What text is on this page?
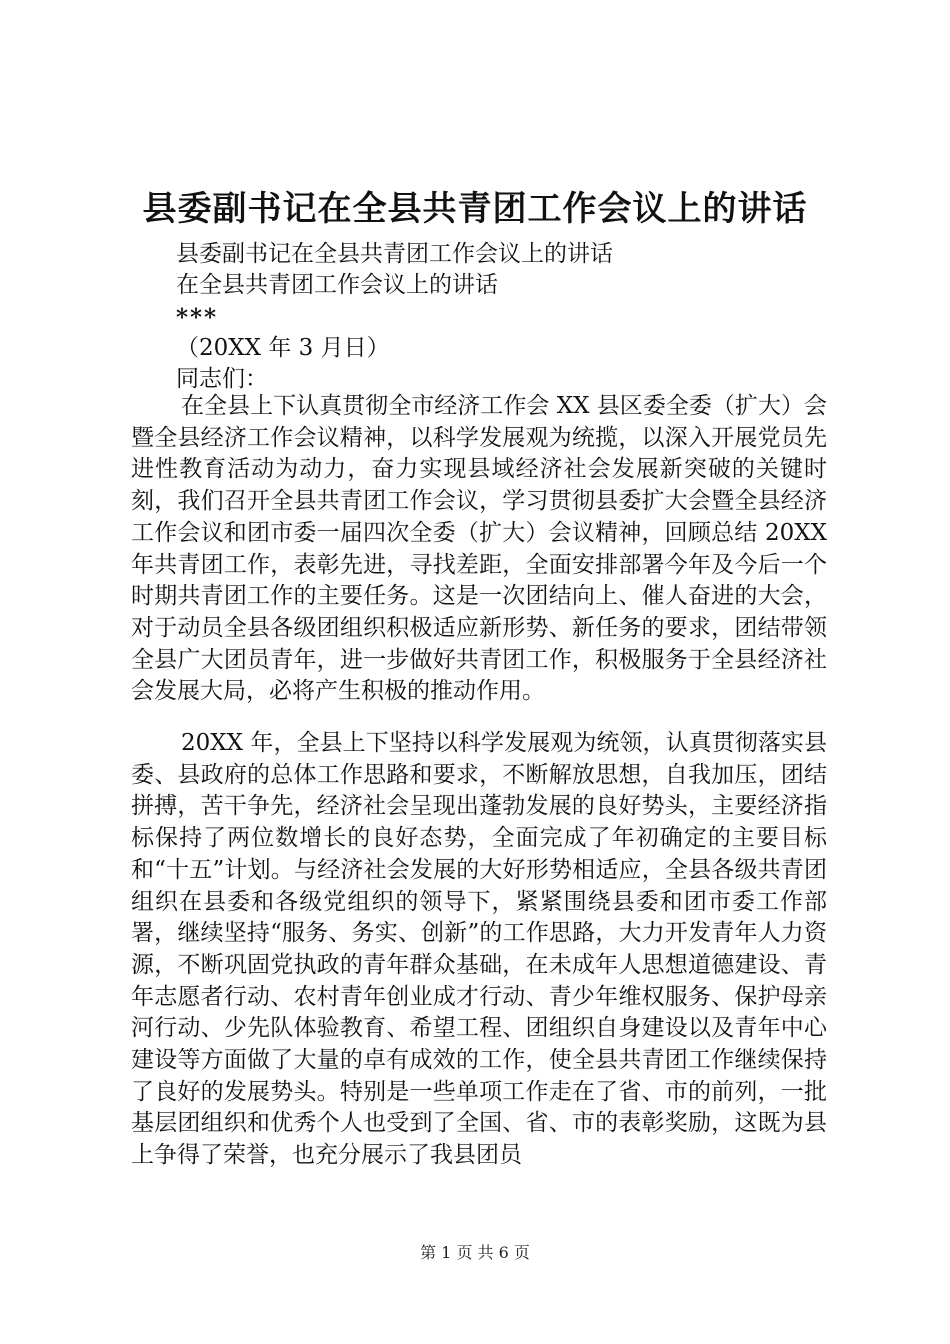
县委副书记在全县共青团工作会议上的讲话
县委副书记在全县共青团工作会议上的讲话
在全县共青团工作会议上的讲话
***
（20XX 年 3 月日）
同志们：
在全县上下认真贯彻全市经济工作会 XX 县区委全委（扩大）会暨全县经济工作会议精神，以科学发展观为统揽，以深入开展党员先进性教育活动为动力，奋力实现县域经济社会发展新突破的关键时刻，我们召开全县共青团工作会议，学习贯彻县委扩大会暨全县经济工作会议和团市委一届四次全委（扩大）会议精神，回顾总结 20XX 年共青团工作，表彰先进，寻找差距，全面安排部署今年及今后一个时期共青团工作的主要任务。这是一次团结向上、催人奋进的大会，对于动员全县各级团组织积极适应新形势、新任务的要求，团结带领全县广大团员青年，进一步做好共青团工作，积极服务于全县经济社会发展大局，必将产生积极的推动作用。
20XX 年，全县上下坚持以科学发展观为统领，认真贯彻落实县委、县政府的总体工作思路和要求，不断解放思想，自我加压，团结拼搏，苦干争先，经济社会呈现出蓬勃发展的良好势头，主要经济指标保持了两位数增长的良好态势，全面完成了年初确定的主要目标和“十五”计划。与经济社会发展的大好形势相适应，全县各级共青团组织在县委和各级党组织的领导下，紧紧围绕县委和团市委工作部署，继续坚持“服务、务实、创新”的工作思路，大力开发青年人力资源，不断巩固党执政的青年群众基础，在未成年人思想道德建设、青年志愿者行动、农村青年创业成才行动、青少年维权服务、保护母亲河行动、少先队体验教育、希望工程、团组织自身建设以及青年中心建设等方面做了大量的卓有成效的工作，使全县共青团工作继续保持了良好的发展势头。特别是一些单项工作走在了省、市的前列，一批基层团组织和优秀个人也受到了全国、省、市的表彰奖励，这既为县上争得了荣誉，也充分展示了我县团员
第 1 页 共 6 页
